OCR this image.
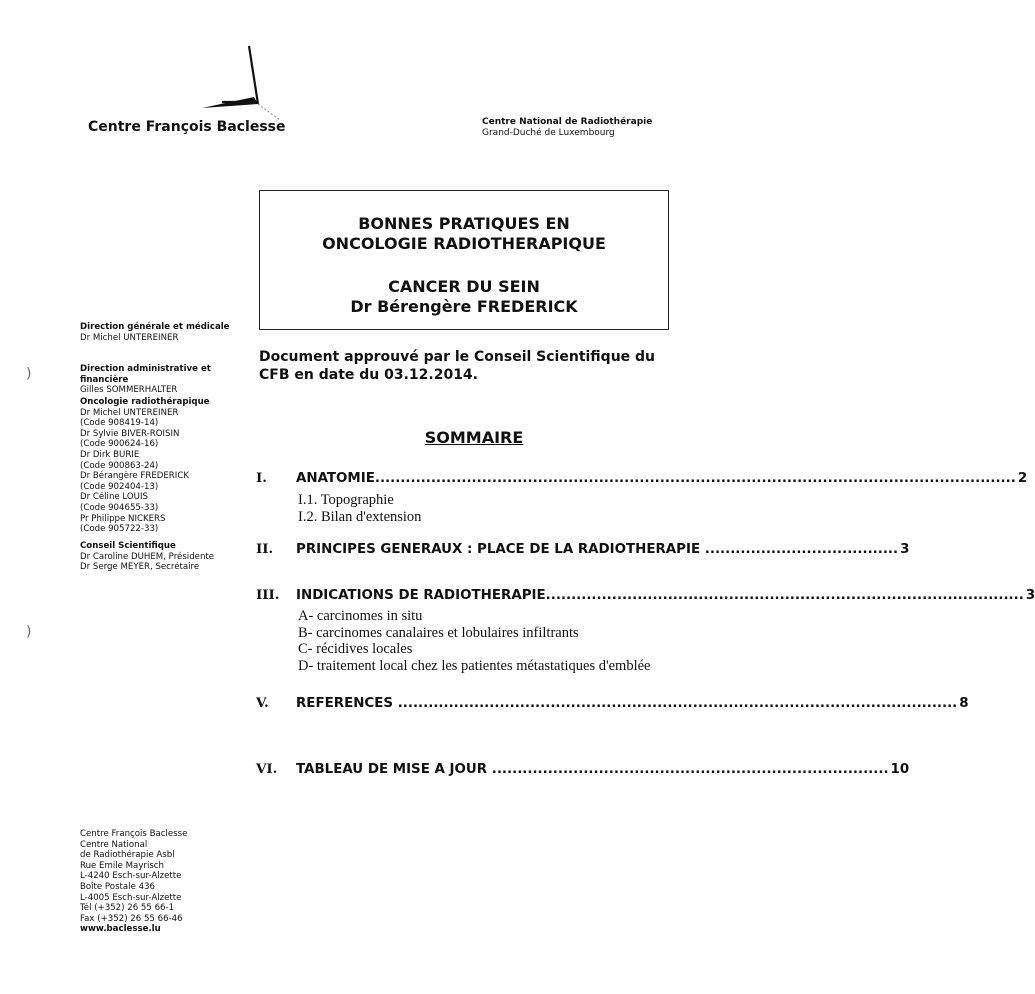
Centre François Baclesse	Centre National de Radiothérapie
Grand-Duché de Luxembourg
BONNES PRATIQUES EN
ONCOLOGIE RADIOTHERAPIQUE
CANCER DU SEIN
Dr Bérengère FREDERICK
Direction générale et médicale
Dr Michel UNTEREINER
Direction administrative et financière
Gilles SOMMERHALTER
Oncologie radiothérapique
Dr Michel UNTEREINER
(Code 908419-14)
Dr Sylvie BIVER-ROISIN
(Code 900624-16)
Dr Dirk BURIE
(Code 900863-24)
Dr Bérangère FREDERICK
(Code 902404-13)
Dr Céline LOUIS
(Code 904655-33)
Pr Philippe NICKERS
(Code 905722-33)
Conseil Scientifique
Dr Caroline DUHEM, Présidente
Dr Serge MEYER, Secrétaire
Centre François Baclesse
Centre National
de Radiothérapie Asbl
Rue Emile Mayrisch
L-4240 Esch-sur-Alzette
Boîte Postale 436
L-4005 Esch-sur-Alzette
Tél (+352) 26 55 66-1
Fax (+352) 26 55 66-46
www.baclesse.lu
Document approuvé par le Conseil Scientifique du CFB en date du 03.12.2014.
SOMMAIRE
I.	ANATOMIE.............................................................................................................................. 2
I.1. Topographie
I.2. Bilan d'extension
II.	PRINCIPES GENERAUX : PLACE DE LA RADIOTHERAPIE ...................................... 3
III.	INDICATIONS DE RADIOTHERAPIE.............................................................................................. 3
A- carcinomes in situ
B- carcinomes canalaires et lobulaires infiltrants
C- récidives locales
D- traitement local chez les patientes métastatiques d'emblée
V.	REFERENCES .............................................................................................................. 8
VI.	TABLEAU DE MISE A JOUR .............................................................................. 10
)
)
